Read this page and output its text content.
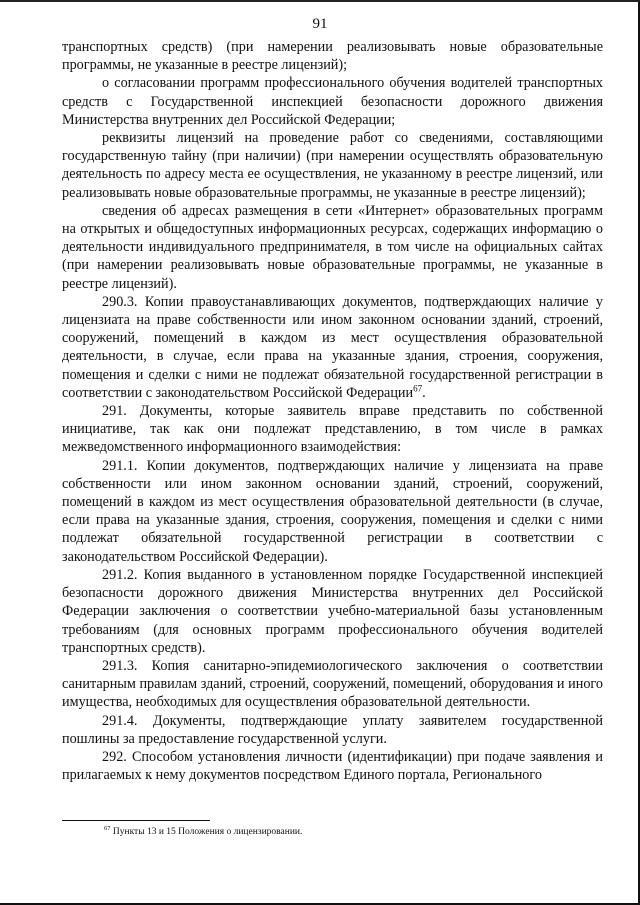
91

транспортных средств) (при намерении реализовывать новые образовательные программы, не указанные в реестре лицензий);

о согласовании программ профессионального обучения водителей транспортных средств с Государственной инспекцией безопасности дорожного движения Министерства внутренних дел Российской Федерации;

реквизиты лицензий на проведение работ со сведениями, составляющими государственную тайну (при наличии) (при намерении осуществлять образовательную деятельность по адресу места ее осуществления, не указанному в реестре лицензий, или реализовывать новые образовательные программы, не указанные в реестре лицензий);

сведения об адресах размещения в сети «Интернет» образовательных программ на открытых и общедоступных информационных ресурсах, содержащих информацию о деятельности индивидуального предпринимателя, в том числе на официальных сайтах (при намерении реализовывать новые образовательные программы, не указанные в реестре лицензий).

290.3. Копии правоустанавливающих документов, подтверждающих наличие у лицензиата на праве собственности или ином законном основании зданий, строений, сооружений, помещений в каждом из мест осуществления образовательной деятельности, в случае, если права на указанные здания, строения, сооружения, помещения и сделки с ними не подлежат обязательной государственной регистрации в соответствии с законодательством Российской Федерации$^{67}$.

291. Документы, которые заявитель вправе представить по собственной инициативе, так как они подлежат представлению, в том числе в рамках межведомственного информационного взаимодействия:

291.1. Копии документов, подтверждающих наличие у лицензиата на праве собственности или ином законном основании зданий, строений, сооружений, помещений в каждом из мест осуществления образовательной деятельности (в случае, если права на указанные здания, строения, сооружения, помещения и сделки с ними подлежат обязательной государственной регистрации в соответствии с законодательством Российской Федерации).

291.2. Копия выданного в установленном порядке Государственной инспекцией безопасности дорожного движения Министерства внутренних дел Российской Федерации заключения о соответствии учебно-материальной базы установленным требованиям (для основных программ профессионального обучения водителей транспортных средств).

291.3. Копия санитарно-эпидемиологического заключения о соответствии санитарным правилам зданий, строений, сооружений, помещений, оборудования и иного имущества, необходимых для осуществления образовательной деятельности.

291.4. Документы, подтверждающие уплату заявителем государственной пошлины за предоставление государственной услуги.

292. Способом установления личности (идентификации) при подаче заявления и прилагаемых к нему документов посредством Единого портала, Регионального

$^{67}$ Пункты 13 и 15 Положения о лицензировании.
